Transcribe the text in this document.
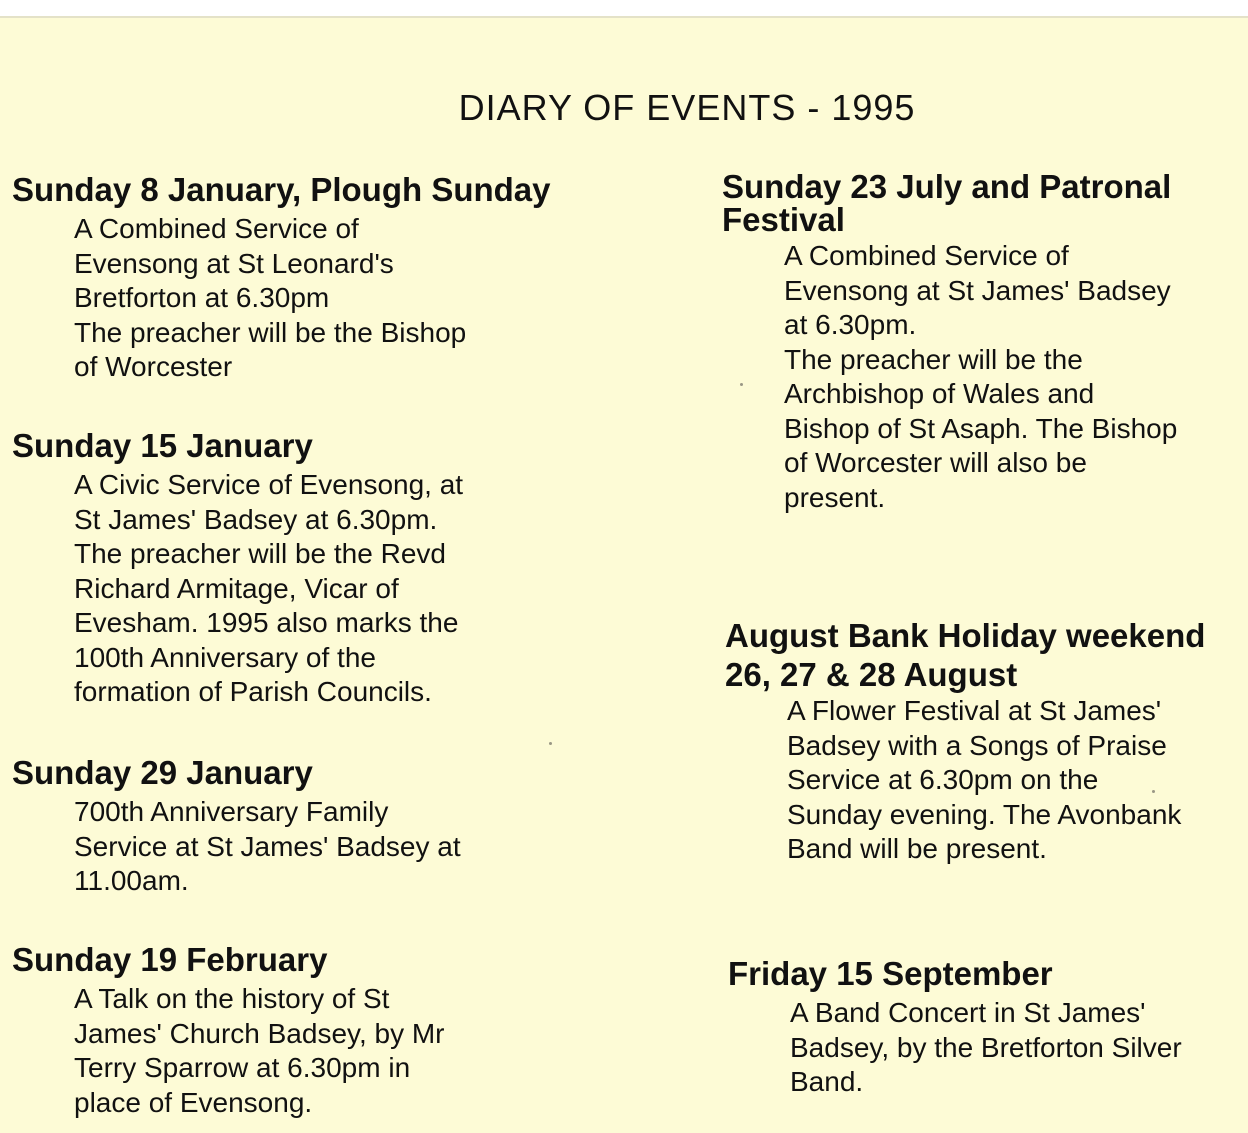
DIARY OF EVENTS - 1995
Sunday 8 January, Plough Sunday
A Combined Service of
Evensong at St Leonard's
Bretforton at 6.30pm
The preacher will be the Bishop
of Worcester
Sunday 15 January
A Civic Service of Evensong, at
St James' Badsey at 6.30pm.
The preacher will be the Revd
Richard Armitage, Vicar of
Evesham. 1995 also marks the
100th Anniversary of the
formation of Parish Councils.
Sunday 29 January
700th Anniversary Family
Service at St James' Badsey at
11.00am.
Sunday 19 February
A Talk on the history of St
James' Church Badsey, by Mr
Terry Sparrow at 6.30pm in
place of Evensong.
Sunday 23 July and Patronal
Festival
A Combined Service of
Evensong at St James' Badsey
at 6.30pm.
The preacher will be the
Archbishop of Wales and
Bishop of St Asaph. The Bishop
of Worcester will also be
present.
August Bank Holiday weekend
26, 27 & 28 August
A Flower Festival at St James'
Badsey with a Songs of Praise
Service at 6.30pm on the
Sunday evening. The Avonbank
Band will be present.
Friday 15 September
A Band Concert in St James'
Badsey, by the Bretforton Silver
Band.
